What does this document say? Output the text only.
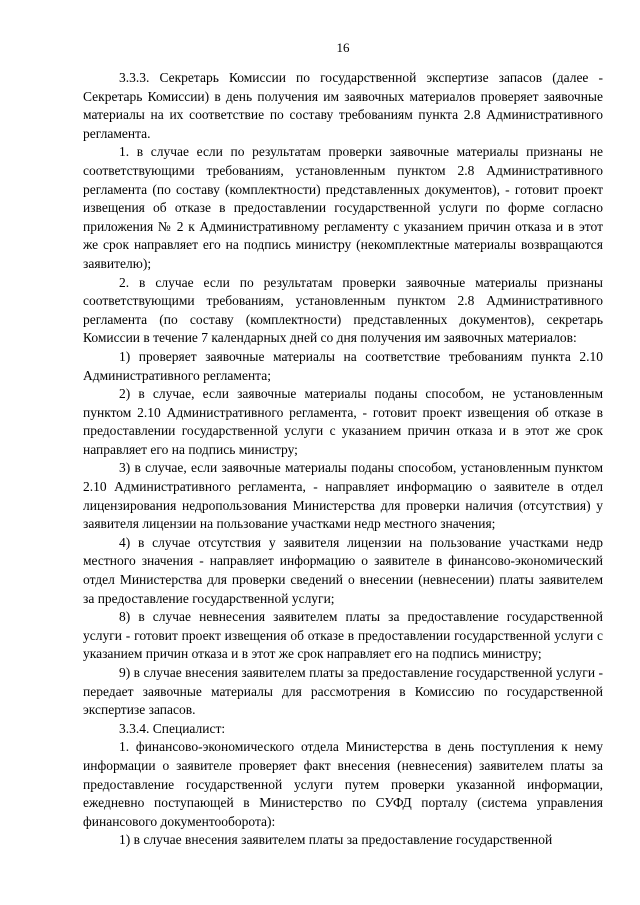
16

3.3.3. Секретарь Комиссии по государственной экспертизе запасов (далее - Секретарь Комиссии) в день получения им заявочных материалов проверяет заявочные материалы на их соответствие по составу требованиям пункта 2.8 Административного регламента.

1. в случае если по результатам проверки заявочные материалы признаны не соответствующими требованиям, установленным пунктом 2.8 Административного регламента (по составу (комплектности) представленных документов), - готовит проект извещения об отказе в предоставлении государственной услуги по форме согласно приложения № 2 к Административному регламенту с указанием причин отказа и в этот же срок направляет его на подпись министру (некомплектные материалы возвращаются заявителю);

2. в случае если по результатам проверки заявочные материалы признаны соответствующими требованиям, установленным пунктом 2.8 Административного регламента (по составу (комплектности) представленных документов), секретарь Комиссии в течение 7 календарных дней со дня получения им заявочных материалов:

1) проверяет заявочные материалы на соответствие требованиям пункта 2.10 Административного регламента;

2) в случае, если заявочные материалы поданы способом, не установленным пунктом 2.10 Административного регламента, - готовит проект извещения об отказе в предоставлении государственной услуги с указанием причин отказа и в этот же срок направляет его на подпись министру;

3) в случае, если заявочные материалы поданы способом, установленным пунктом 2.10 Административного регламента, - направляет информацию о заявителе в отдел лицензирования недропользования Министерства для проверки наличия (отсутствия) у заявителя лицензии на пользование участками недр местного значения;

4) в случае отсутствия у заявителя лицензии на пользование участками недр местного значения - направляет информацию о заявителе в финансово-экономический отдел Министерства для проверки сведений о внесении (невнесении) платы заявителем за предоставление государственной услуги;

8) в случае невнесения заявителем платы за предоставление государственной услуги - готовит проект извещения об отказе в предоставлении государственной услуги с указанием причин отказа и в этот же срок направляет его на подпись министру;

9) в случае внесения заявителем платы за предоставление государственной услуги - передает заявочные материалы для рассмотрения в Комиссию по государственной экспертизе запасов.

3.3.4. Специалист:

1. финансово-экономического отдела Министерства в день поступления к нему информации о заявителе проверяет факт внесения (невнесения) заявителем платы за предоставление государственной услуги путем проверки указанной информации, ежедневно поступающей в Министерство по СУФД порталу (система управления финансового документооборота):

1) в случае внесения заявителем платы за предоставление государственной
